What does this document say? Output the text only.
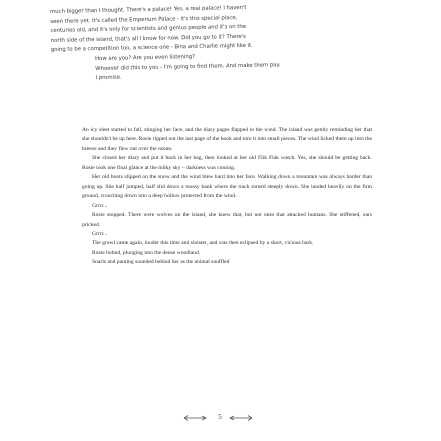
much bigger than I thought. There's a palace! Yes, a real palace! I haven't
seen there yet. It's called the Emperium Palace - it's this special place,
centuries old, and it's only for scientists and genius people and it's on the
north side of the island, that's all I know for now. Did you go to it? There's
going to be a competition too, a science one - Bina and Charlie might like it.
How are you? Are you even listening?
Whoever did this to you - I'm going to find them. And make them pay.
I promise.

An icy sleet started to fall, stinging her face, and the diary pages flapped in the wind. The island was gently reminding her that she shouldn't be up here. Rosie ripped out the last page of the book and tore it into small pieces. The wind licked them up into the breeze and they flew out over the ocean.

She closed her diary and put it back in her bag, then looked at her old Flik Flak watch. Yes, she should be getting back. Rosie took one final glance at the milky sky – darkness was coming.

Her old boots slipped on the snow and the wind blew hard into her face. Walking down a mountain was always harder than going up. She half jumped, half slid down a mossy bank where the track turned steeply down. She landed heavily on the firm ground, crouching down into a deep hollow protected from the wind.

Grrrr...

Rosie stopped. There were wolves on the island, she knew that, but not ones that attacked humans. She stiffened, ears pricked.

Grrrr...

The growl came again, louder this time and sinister, and was then eclipsed by a short, vicious bark.

Rosie bolted, plunging into the dense woodland.

Snarls and panting sounded behind her as the animal snuffled

5
